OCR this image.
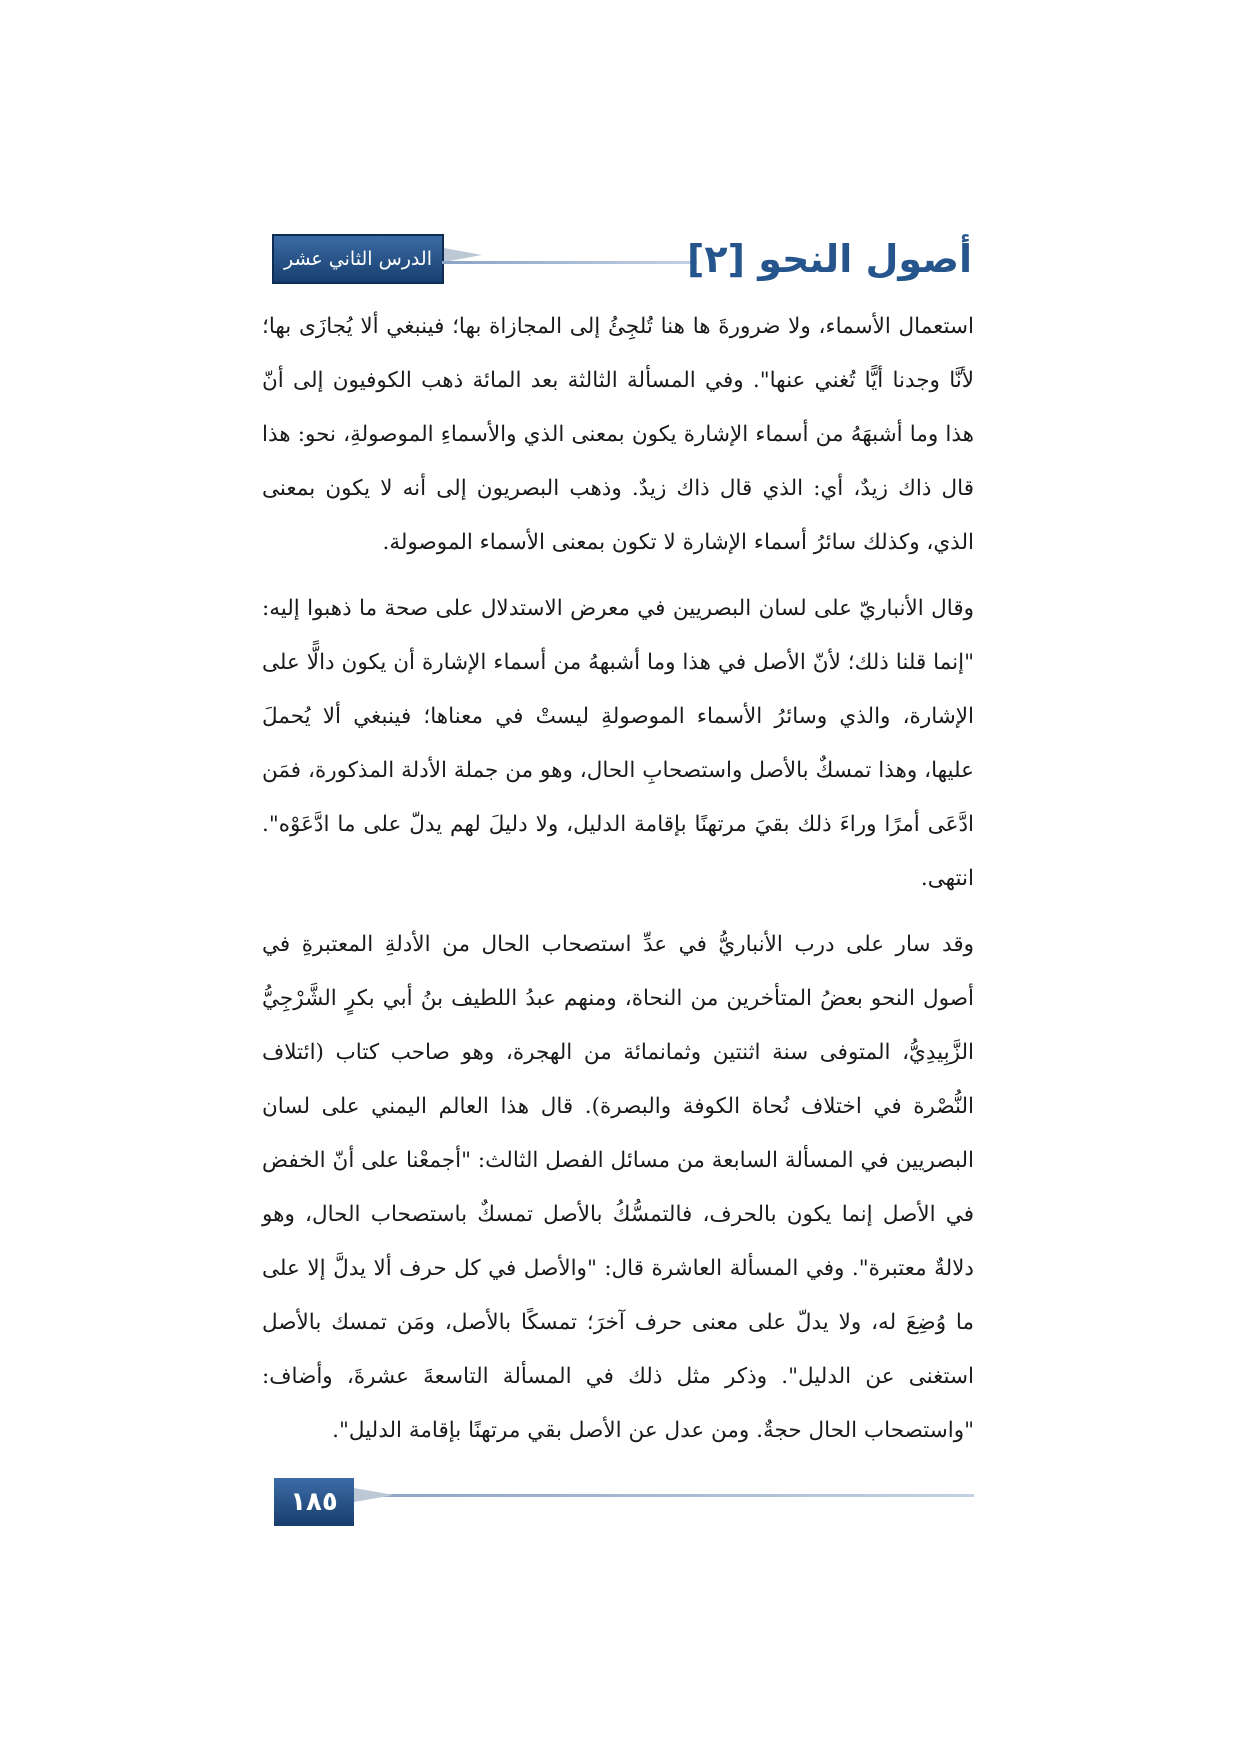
الدرس الثاني عشر	أصول النحو [٢]

استعمال الأسماء، ولا ضرورةَ ها هنا تُلجِئُ إلى المجازاة بها؛ فينبغي ألا يُجازَى بها؛ لأنَّا وجدنا أيًّا تُغني عنها". وفي المسألة الثالثة بعد المائة ذهب الكوفيون إلى أنّ هذا وما أشبهَهُ من أسماء الإشارة يكون بمعنى الذي والأسماءِ الموصولةِ، نحو: هذا قال ذاك زيدٌ، أي: الذي قال ذاك زيدٌ. وذهب البصريون إلى أنه لا يكون بمعنى الذي، وكذلك سائرُ أسماء الإشارة لا تكون بمعنى الأسماء الموصولة.

وقال الأنباريّ على لسان البصريين في معرض الاستدلال على صحة ما ذهبوا إليه: "إنما قلنا ذلك؛ لأنّ الأصل في هذا وما أشبههُ من أسماء الإشارة أن يكون دالًّا على الإشارة، والذي وسائرُ الأسماء الموصولةِ ليستْ في معناها؛ فينبغي ألا يُحملَ عليها، وهذا تمسكٌ بالأصل واستصحابِ الحال، وهو من جملة الأدلة المذكورة، فمَن ادَّعَى أمرًا وراءَ ذلك بقيَ مرتهنًا بإقامة الدليل، ولا دليلَ لهم يدلّ على ما ادَّعَوْه". انتهى.

وقد سار على درب الأنباريُّ في عدِّ استصحاب الحال من الأدلةِ المعتبرةِ في أصول النحو بعضُ المتأخرين من النحاة، ومنهم عبدُ اللطيف بنُ أبي بكرٍ الشَّرْجِيُّ الزَّبِيدِيُّ، المتوفى سنة اثنتين وثمانمائة من الهجرة، وهو صاحب كتاب (ائتلاف النُّصْرة في اختلاف نُحاة الكوفة والبصرة). قال هذا العالم اليمني على لسان البصريين في المسألة السابعة من مسائل الفصل الثالث: "أجمعْنا على أنّ الخفض في الأصل إنما يكون بالحرف، فالتمسُّكُ بالأصل تمسكٌ باستصحاب الحال، وهو دلالةٌ معتبرة". وفي المسألة العاشرة قال: "والأصل في كل حرف ألا يدلَّ إلا على ما وُضِعَ له، ولا يدلّ على معنى حرف آخرَ؛ تمسكًا بالأصل، ومَن تمسك بالأصل استغنى عن الدليل". وذكر مثل ذلك في المسألة التاسعةَ عشرةَ، وأضاف: "واستصحاب الحال حجةٌ. ومن عدل عن الأصل بقي مرتهنًا بإقامة الدليل".

١٨٥
